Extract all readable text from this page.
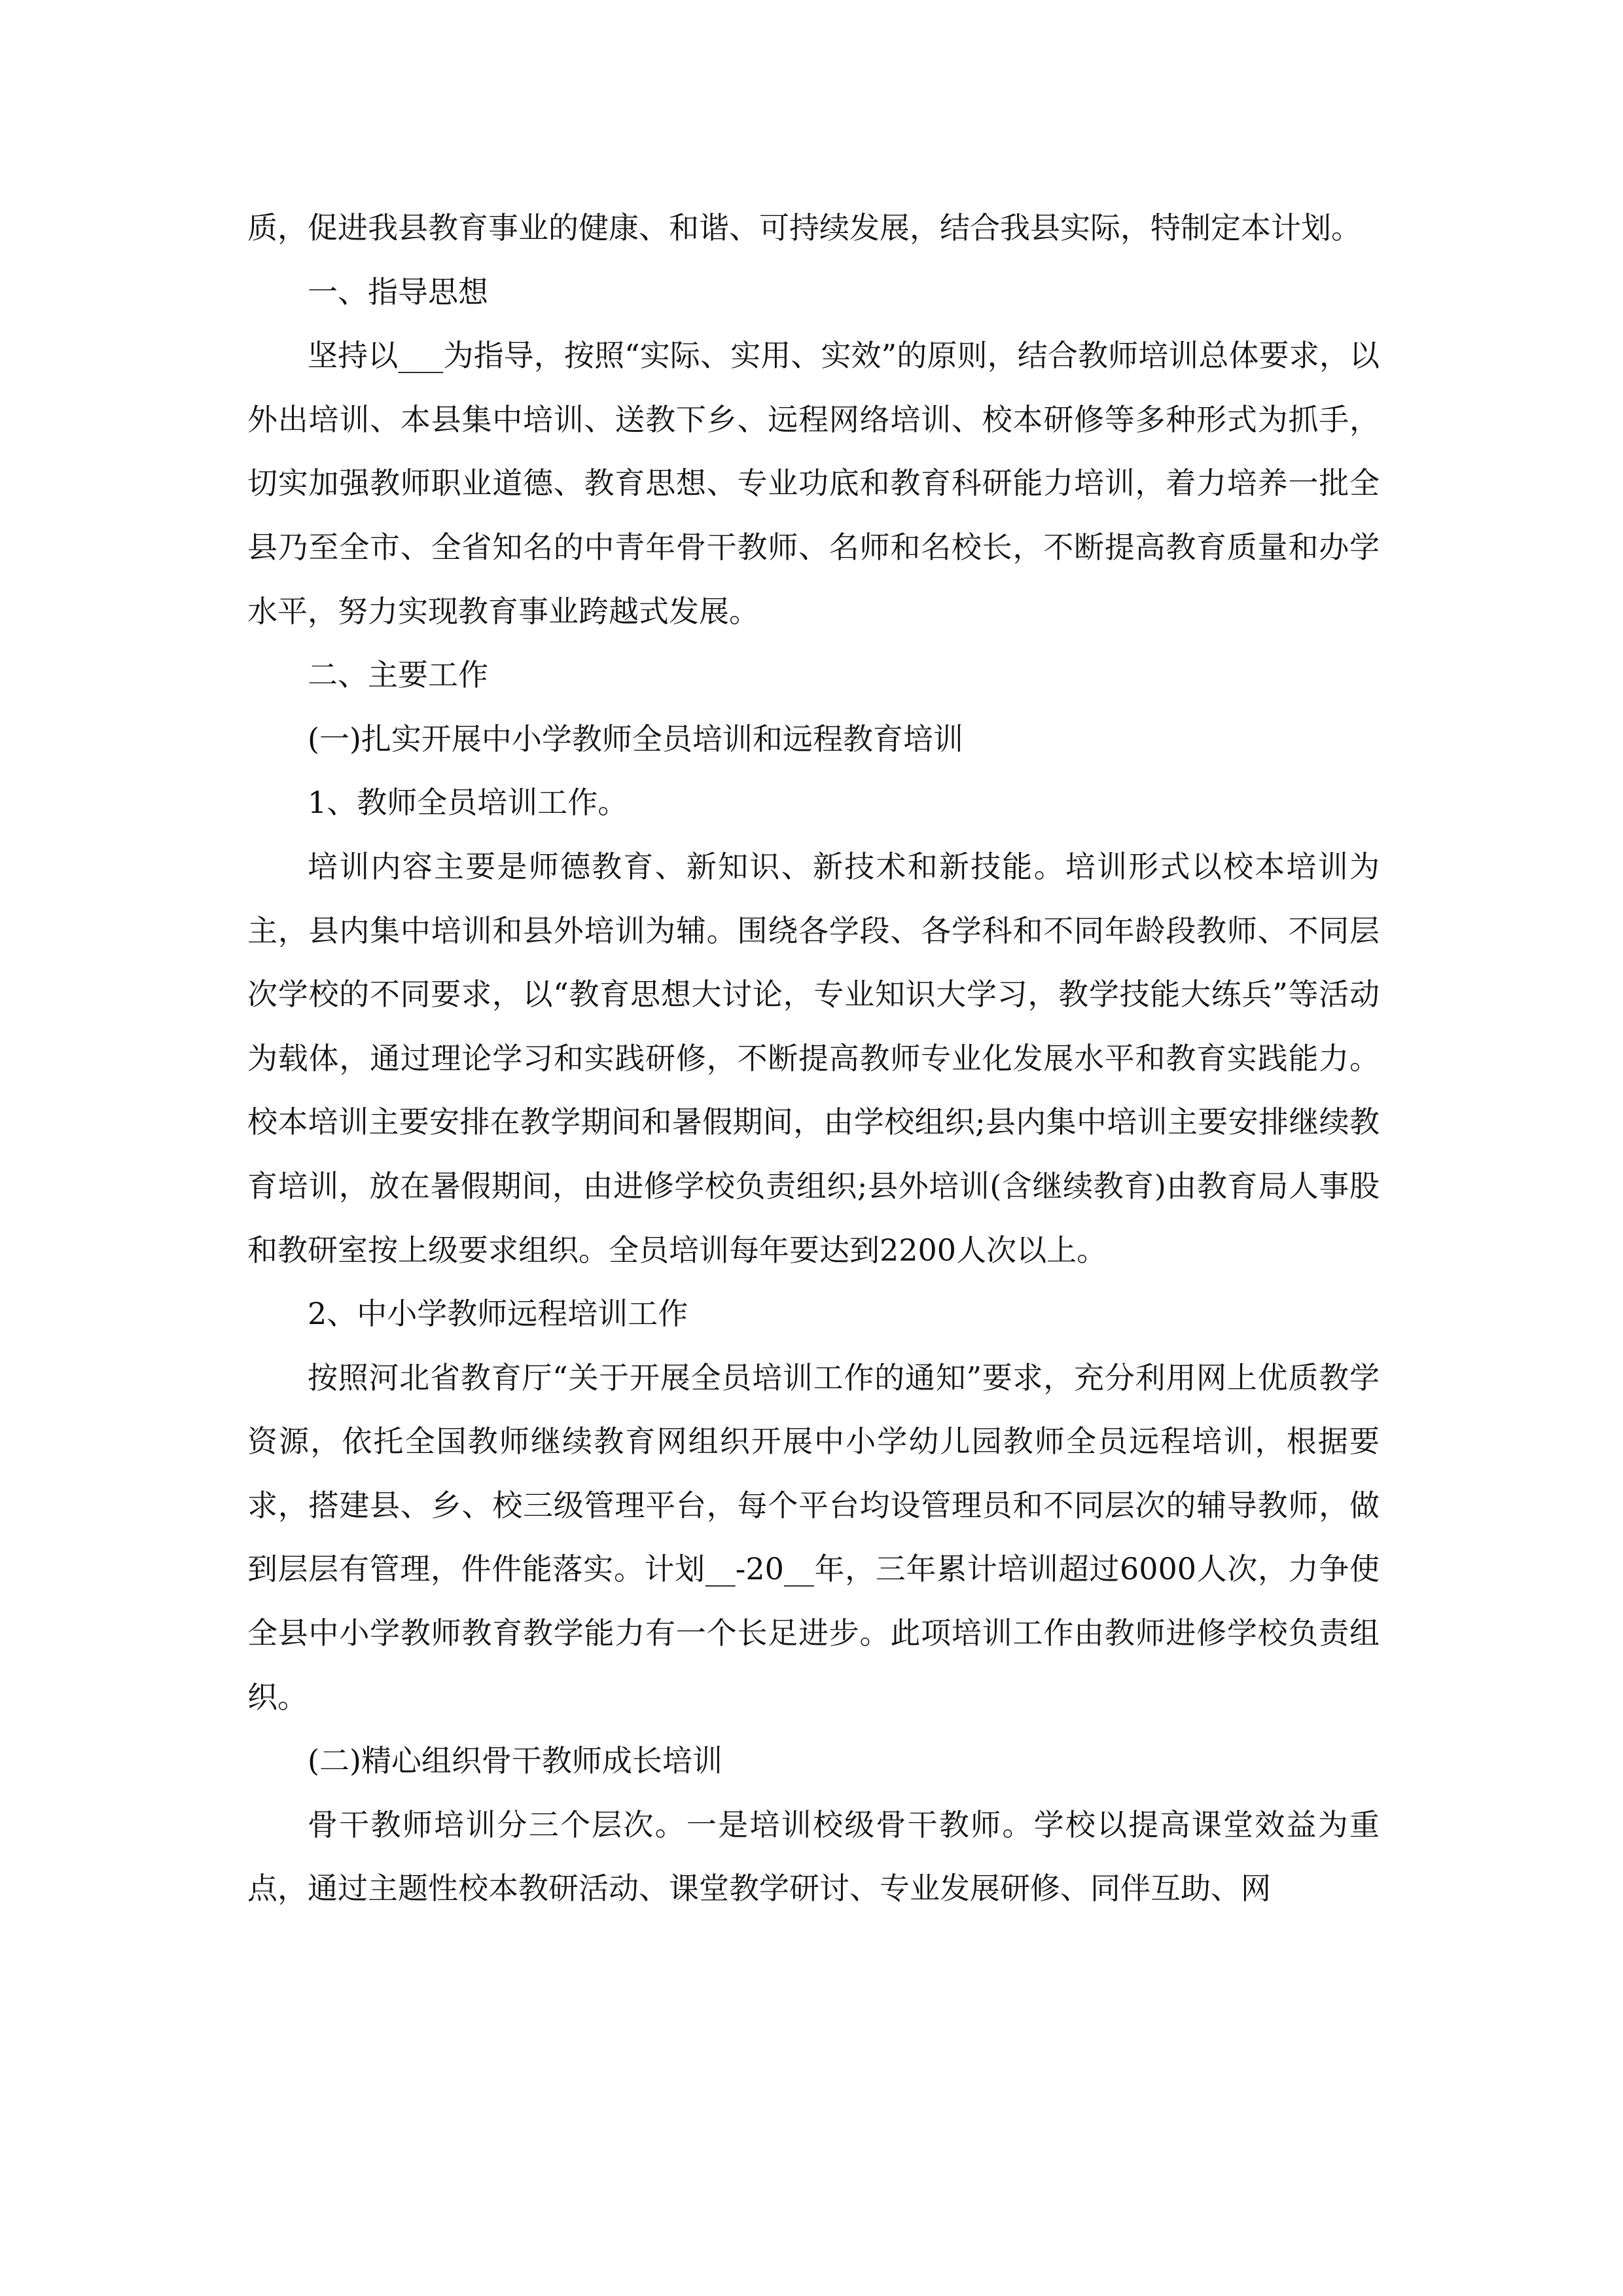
质，促进我县教育事业的健康、和谐、可持续发展，结合我县实际，特制定本计划。

一、指导思想

坚持以___为指导，按照“实际、实用、实效”的原则，结合教师培训总体要求，以外出培训、本县集中培训、送教下乡、远程网络培训、校本研修等多种形式为抓手，切实加强教师职业道德、教育思想、专业功底和教育科研能力培训，着力培养一批全县乃至全市、全省知名的中青年骨干教师、名师和名校长，不断提高教育质量和办学水平，努力实现教育事业跨越式发展。

二、主要工作

(一)扎实开展中小学教师全员培训和远程教育培训

1、教师全员培训工作。

培训内容主要是师德教育、新知识、新技术和新技能。培训形式以校本培训为主，县内集中培训和县外培训为辅。围绕各学段、各学科和不同年龄段教师、不同层次学校的不同要求，以“教育思想大讨论，专业知识大学习，教学技能大练兵”等活动为载体，通过理论学习和实践研修，不断提高教师专业化发展水平和教育实践能力。校本培训主要安排在教学期间和暑假期间，由学校组织;县内集中培训主要安排继续教育培训，放在暑假期间，由进修学校负责组织;县外培训(含继续教育)由教育局人事股和教研室按上级要求组织。全员培训每年要达到2200人次以上。

2、中小学教师远程培训工作

按照河北省教育厅“关于开展全员培训工作的通知”要求，充分利用网上优质教学资源，依托全国教师继续教育网组织开展中小学幼儿园教师全员远程培训，根据要求，搭建县、乡、校三级管理平台，每个平台均设管理员和不同层次的辅导教师，做到层层有管理，件件能落实。计划__-20__年，三年累计培训超过6000人次，力争使全县中小学教师教育教学能力有一个长足进步。此项培训工作由教师进修学校负责组织。

(二)精心组织骨干教师成长培训

骨干教师培训分三个层次。一是培训校级骨干教师。学校以提高课堂效益为重点，通过主题性校本教研活动、课堂教学研讨、专业发展研修、同伴互助、网
